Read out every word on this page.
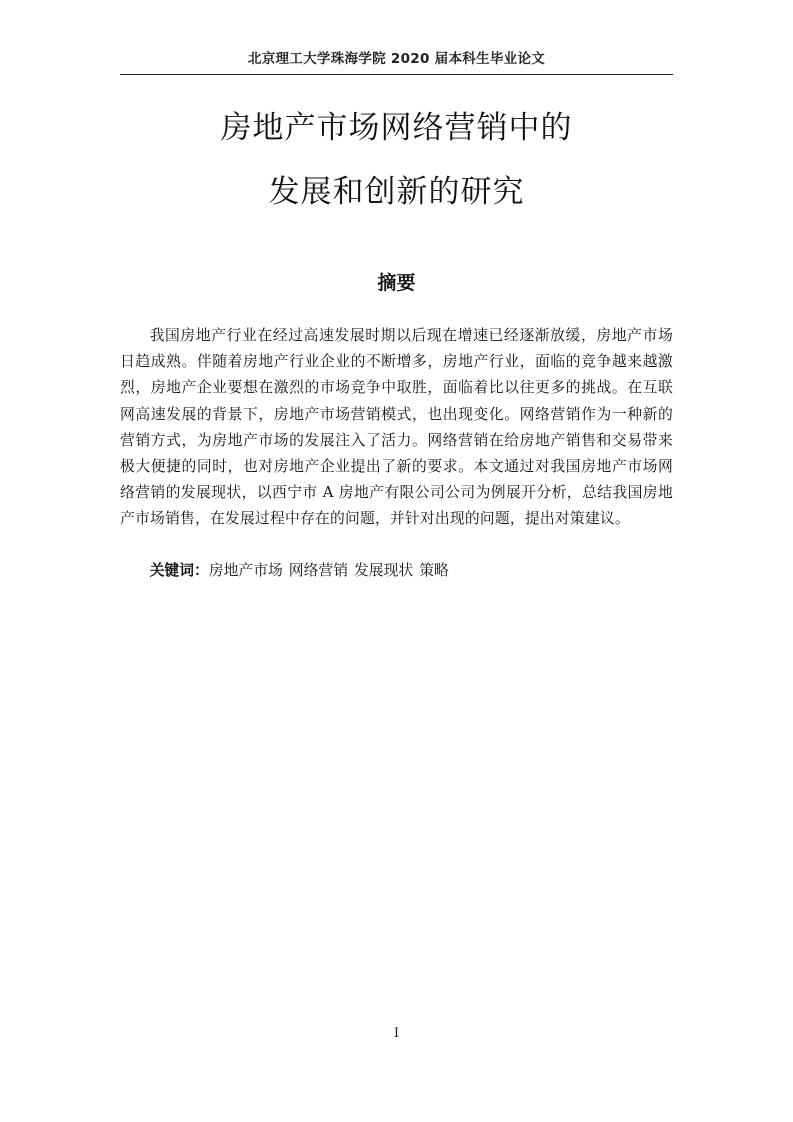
北京理工大学珠海学院 2020 届本科生毕业论文
房地产市场网络营销中的
发展和创新的研究
摘要

我国房地产行业在经过高速发展时期以后现在增速已经逐渐放缓，房地产市场日趋成熟。伴随着房地产行业企业的不断增多，房地产行业，面临的竞争越来越激烈，房地产企业要想在激烈的市场竞争中取胜，面临着比以往更多的挑战。在互联网高速发展的背景下，房地产市场营销模式，也出现变化。网络营销作为一种新的营销方式，为房地产市场的发展注入了活力。网络营销在给房地产销售和交易带来极大便捷的同时，也对房地产企业提出了新的要求。本文通过对我国房地产市场网络营销的发展现状，以西宁市 A 房地产有限公司公司为例展开分析，总结我国房地产市场销售，在发展过程中存在的问题，并针对出现的问题，提出对策建议。

关键词：房地产市场 网络营销 发展现状 策略

I
